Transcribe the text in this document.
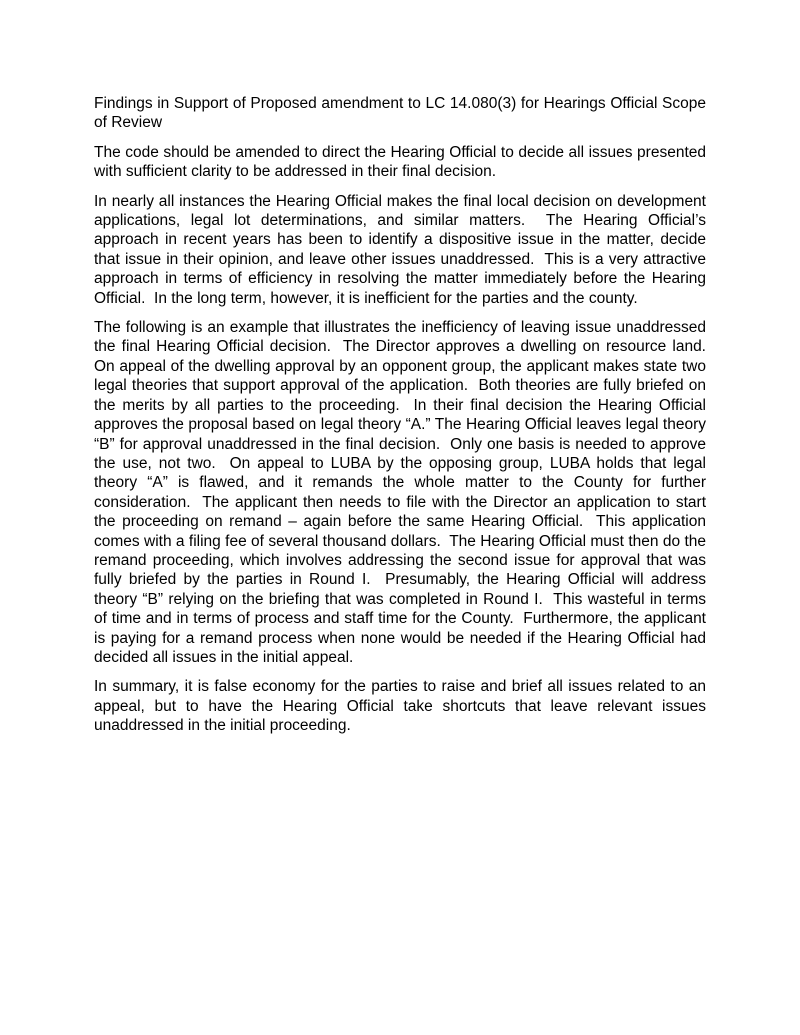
Findings in Support of Proposed amendment to LC 14.080(3) for Hearings Official Scope of Review

The code should be amended to direct the Hearing Official to decide all issues presented with sufficient clarity to be addressed in their final decision.

In nearly all instances the Hearing Official makes the final local decision on development applications, legal lot determinations, and similar matters.  The Hearing Official’s approach in recent years has been to identify a dispositive issue in the matter, decide that issue in their opinion, and leave other issues unaddressed.  This is a very attractive approach in terms of efficiency in resolving the matter immediately before the Hearing Official.  In the long term, however, it is inefficient for the parties and the county.

The following is an example that illustrates the inefficiency of leaving issue unaddressed the final Hearing Official decision.  The Director approves a dwelling on resource land.  On appeal of the dwelling approval by an opponent group, the applicant makes state two legal theories that support approval of the application.  Both theories are fully briefed on the merits by all parties to the proceeding.  In their final decision the Hearing Official approves the proposal based on legal theory “A.” The Hearing Official leaves legal theory “B” for approval unaddressed in the final decision.  Only one basis is needed to approve the use, not two.  On appeal to LUBA by the opposing group, LUBA holds that legal theory “A” is flawed, and it remands the whole matter to the County for further consideration.  The applicant then needs to file with the Director an application to start the proceeding on remand – again before the same Hearing Official.  This application comes with a filing fee of several thousand dollars.  The Hearing Official must then do the remand proceeding, which involves addressing the second issue for approval that was fully briefed by the parties in Round I.  Presumably, the Hearing Official will address theory “B” relying on the briefing that was completed in Round I.  This wasteful in terms of time and in terms of process and staff time for the County.  Furthermore, the applicant is paying for a remand process when none would be needed if the Hearing Official had decided all issues in the initial appeal.

In summary, it is false economy for the parties to raise and brief all issues related to an appeal, but to have the Hearing Official take shortcuts that leave relevant issues unaddressed in the initial proceeding.
